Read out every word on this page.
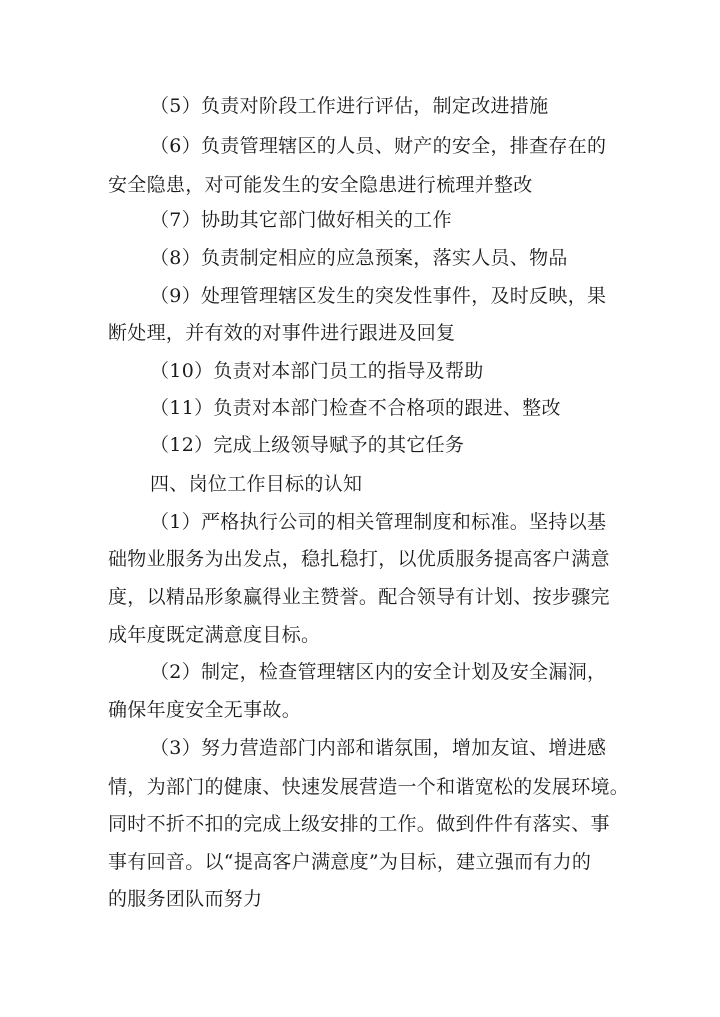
（5）负责对阶段工作进行评估，制定改进措施
（6）负责管理辖区的人员、财产的安全，排查存在的
安全隐患，对可能发生的安全隐患进行梳理并整改
（7）协助其它部门做好相关的工作
（8）负责制定相应的应急预案，落实人员、物品
（9）处理管理辖区发生的突发性事件，及时反映，果
断处理，并有效的对事件进行跟进及回复
（10）负责对本部门员工的指导及帮助
（11）负责对本部门检查不合格项的跟进、整改
（12）完成上级领导赋予的其它任务
四、岗位工作目标的认知
（1）严格执行公司的相关管理制度和标准。坚持以基
础物业服务为出发点，稳扎稳打，以优质服务提高客户满意
度，以精品形象赢得业主赞誉。配合领导有计划、按步骤完
成年度既定满意度目标。
（2）制定，检查管理辖区内的安全计划及安全漏洞，
确保年度安全无事故。
（3）努力营造部门内部和谐氛围，增加友谊、增进感
情，为部门的健康、快速发展营造一个和谐宽松的发展环境。
同时不折不扣的完成上级安排的工作。做到件件有落实、事
事有回音。以“提高客户满意度”为目标，建立强而有力的
的服务团队而努力
